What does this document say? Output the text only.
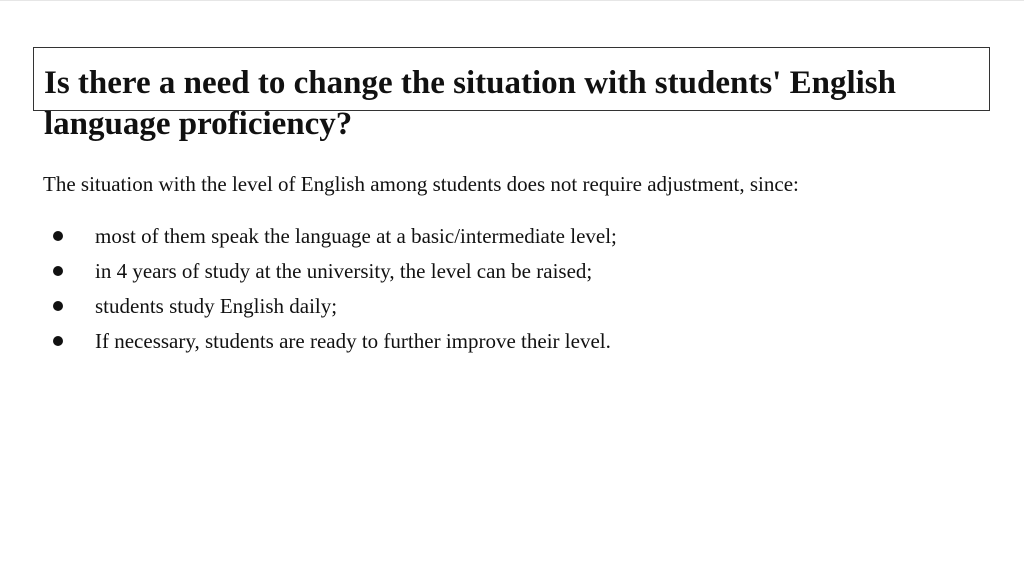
Is there a need to change the situation with students' English language proficiency?

The situation with the level of English among students does not require adjustment, since:

most of them speak the language at a basic/intermediate level;
in 4 years of study at the university, the level can be raised;
students study English daily;
If necessary, students are ready to further improve their level.
